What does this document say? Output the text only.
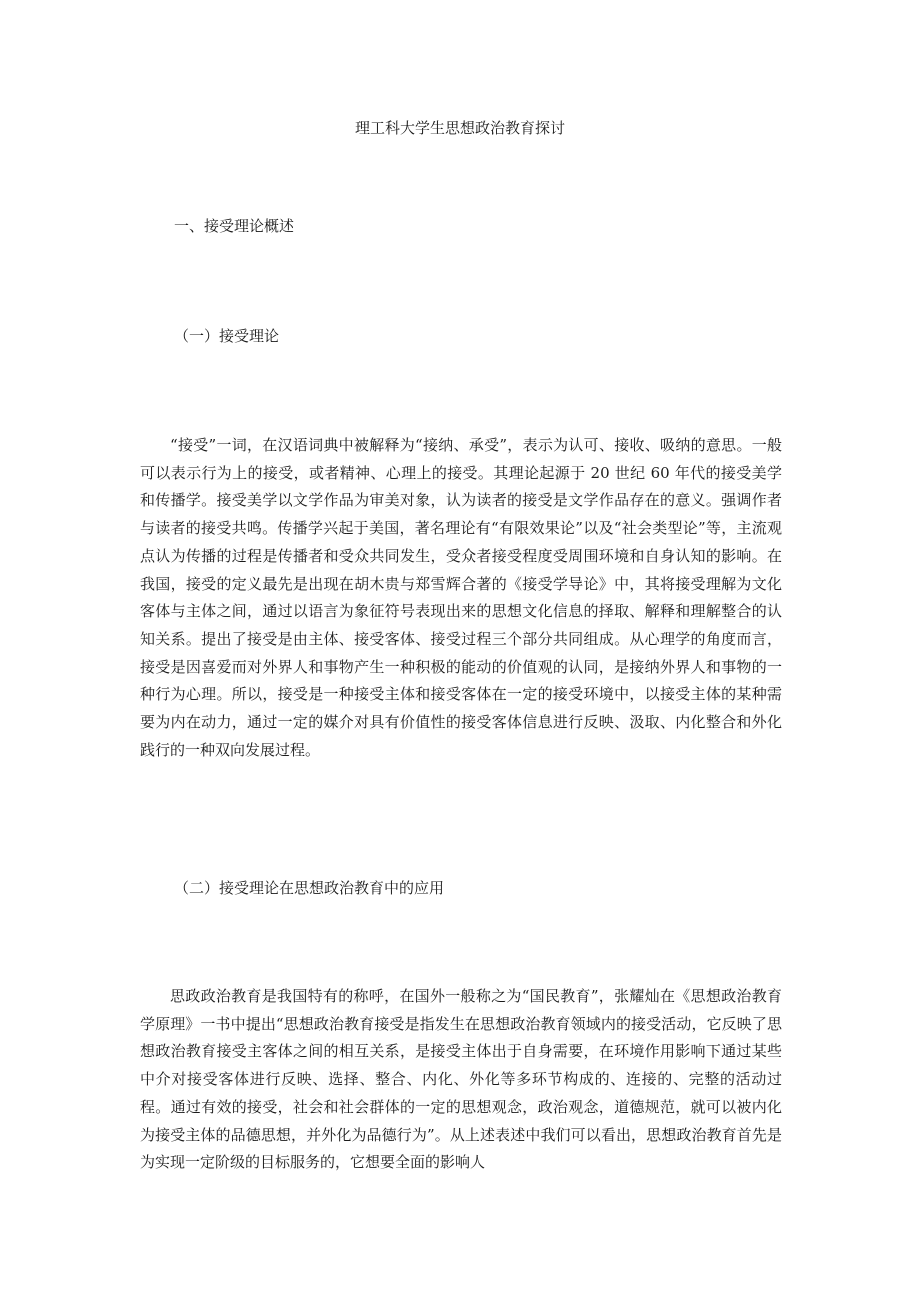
理工科大学生思想政治教育探讨
一、接受理论概述
（一）接受理论

“接受”一词，在汉语词典中被解释为“接纳、承受”，表示为认可、接收、吸纳的意思。一般可以表示行为上的接受，或者精神、心理上的接受。其理论起源于 20 世纪 60 年代的接受美学和传播学。接受美学以文学作品为审美对象，认为读者的接受是文学作品存在的意义。强调作者与读者的接受共鸣。传播学兴起于美国，著名理论有“有限效果论”以及“社会类型论”等，主流观点认为传播的过程是传播者和受众共同发生，受众者接受程度受周围环境和自身认知的影响。在我国，接受的定义最先是出现在胡木贵与郑雪辉合著的《接受学导论》中，其将接受理解为文化客体与主体之间，通过以语言为象征符号表现出来的思想文化信息的择取、解释和理解整合的认知关系。提出了接受是由主体、接受客体、接受过程三个部分共同组成。从心理学的角度而言，接受是因喜爱而对外界人和事物产生一种积极的能动的价值观的认同，是接纳外界人和事物的一种行为心理。所以，接受是一种接受主体和接受客体在一定的接受环境中，以接受主体的某种需要为内在动力，通过一定的媒介对具有价值性的接受客体信息进行反映、汲取、内化整合和外化践行的一种双向发展过程。

（二）接受理论在思想政治教育中的应用

思政政治教育是我国特有的称呼，在国外一般称之为“国民教育”，张耀灿在《思想政治教育学原理》一书中提出“思想政治教育接受是指发生在思想政治教育领域内的接受活动，它反映了思想政治教育接受主客体之间的相互关系，是接受主体出于自身需要，在环境作用影响下通过某些中介对接受客体进行反映、选择、整合、内化、外化等多环节构成的、连接的、完整的活动过程。通过有效的接受，社会和社会群体的一定的思想观念，政治观念，道德规范，就可以被内化为接受主体的品德思想，并外化为品德行为”。从上述表述中我们可以看出，思想政治教育首先是为实现一定阶级的目标服务的，它想要全面的影响人
